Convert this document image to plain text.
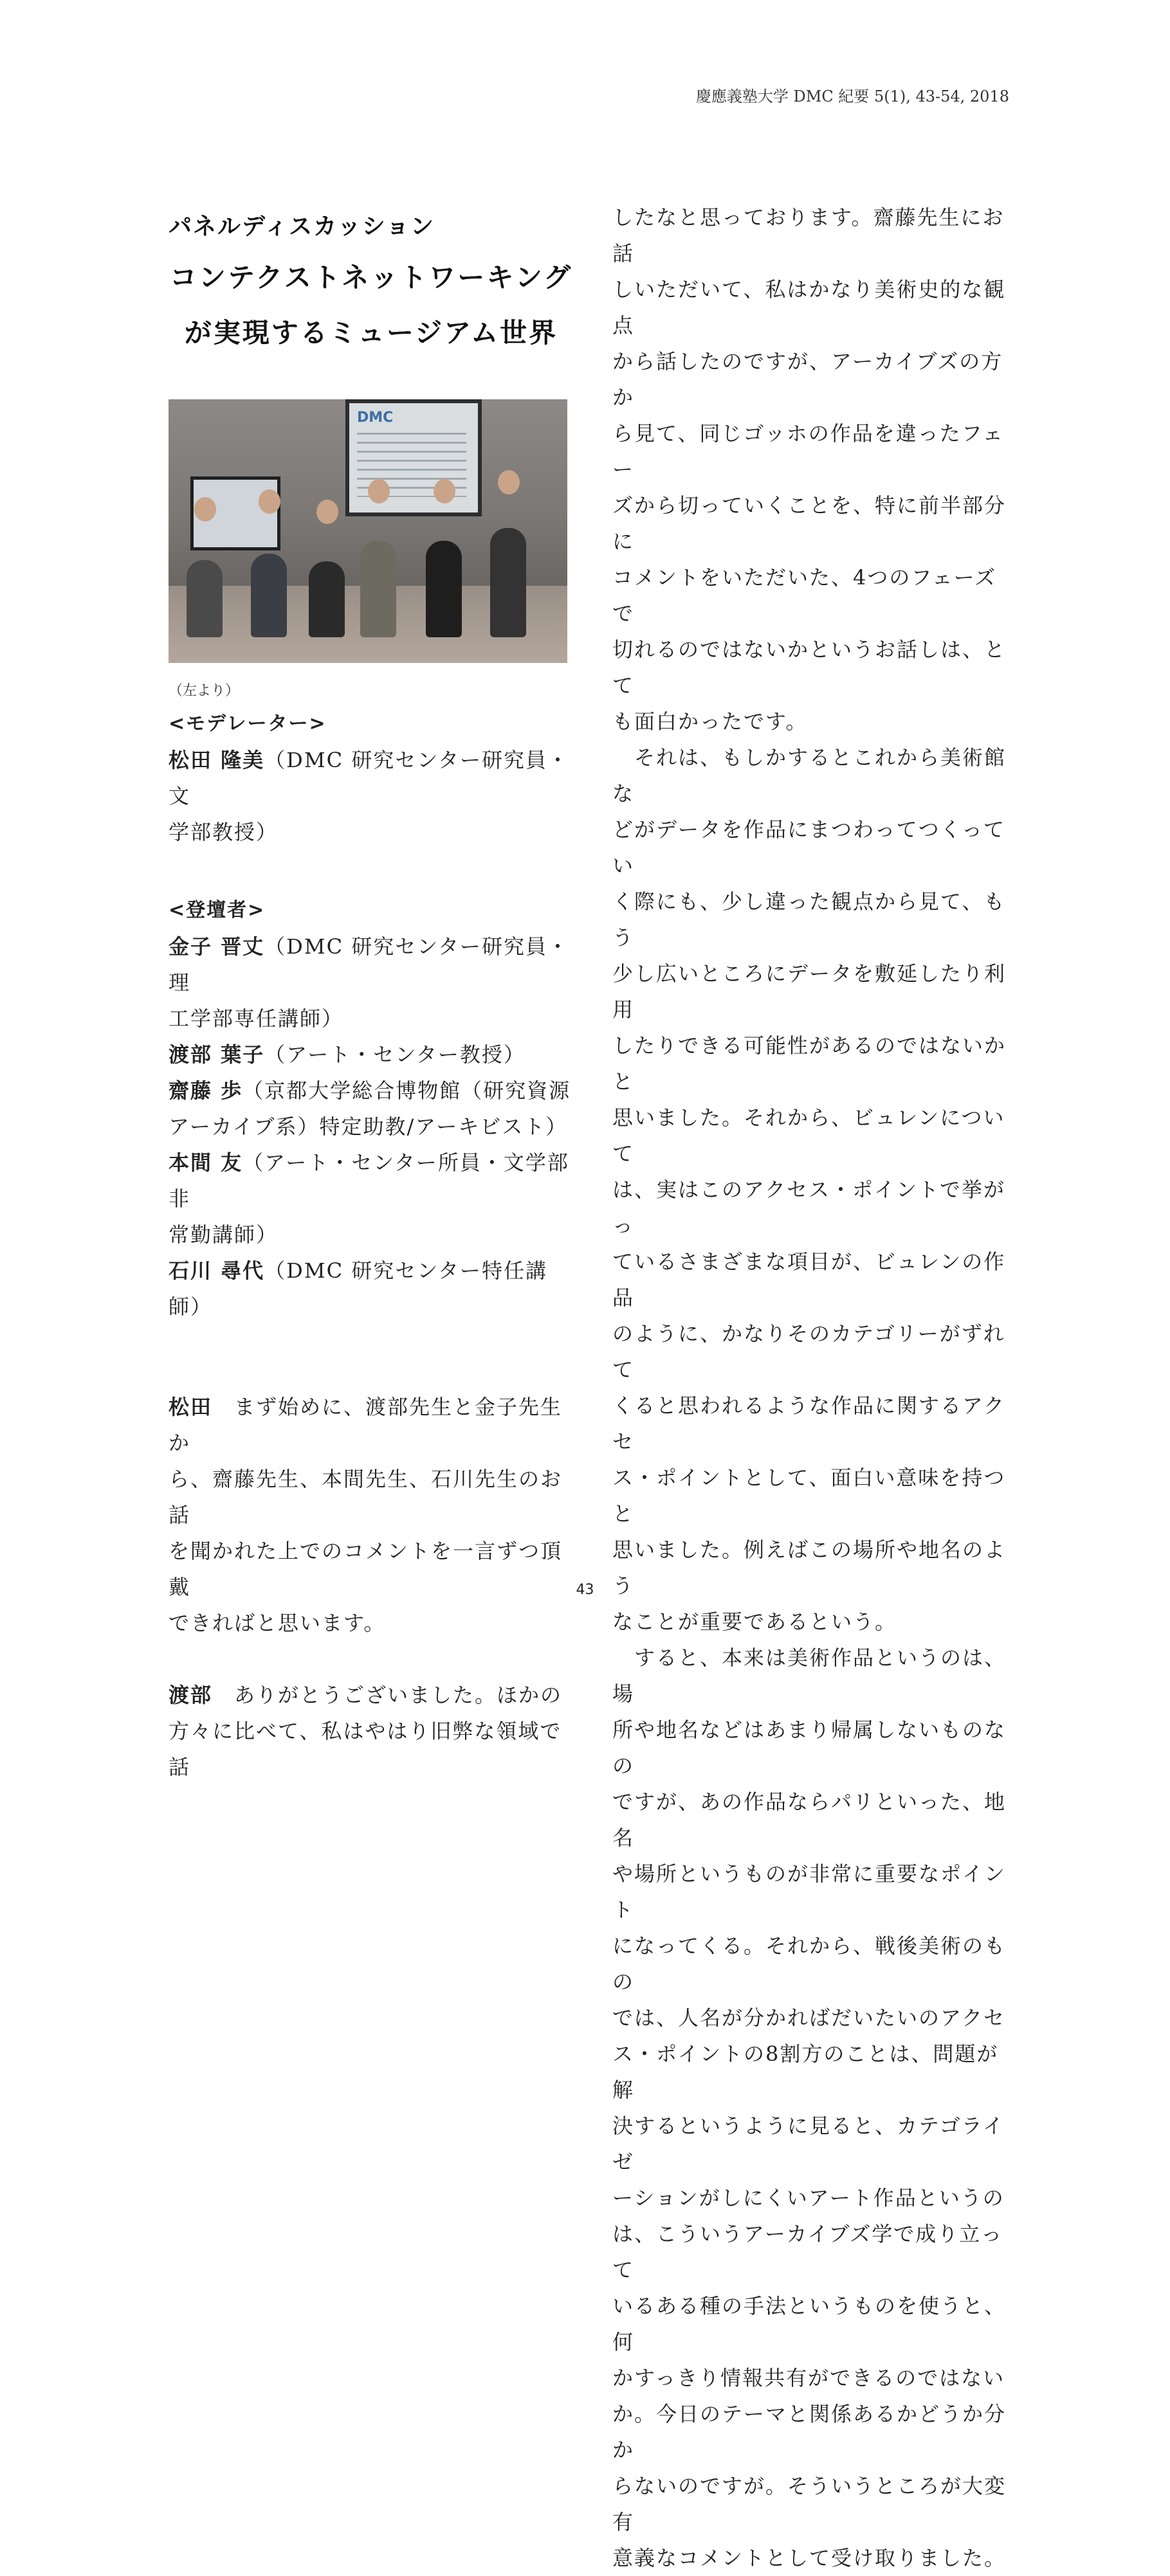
慶應義塾大学 DMC 紀要 5(1), 43-54, 2018
パネルディスカッション
コンテクストネットワーキング
が実現するミュージアム世界
DMC
（左より）
<モデレーター>
松田 隆美（DMC 研究センター研究員・文
学部教授）
<登壇者>
金子 晋丈（DMC 研究センター研究員・理
工学部専任講師）
渡部 葉子（アート・センター教授）
齋藤 歩（京都大学総合博物館（研究資源
アーカイブ系）特定助教/アーキビスト）
本間 友（アート・センター所員・文学部非
常勤講師）
石川 尋代（DMC 研究センター特任講師）
松田　 まず始めに、渡部先生と金子先生か
ら、齋藤先生、本間先生、石川先生のお話
を聞かれた上でのコメントを一言ずつ頂戴
できればと思います。
渡部　 ありがとうございました。ほかの
方々に比べて、私はやはり旧弊な領域で話
したなと思っております。齋藤先生にお話
しいただいて、私はかなり美術史的な観点
から話したのですが、アーカイブズの方か
ら見て、同じゴッホの作品を違ったフェー
ズから切っていくことを、特に前半部分に
コメントをいただいた、4つのフェーズで
切れるのではないかというお話しは、とて
も面白かったです。
　それは、もしかするとこれから美術館な
どがデータを作品にまつわってつくってい
く際にも、少し違った観点から見て、もう
少し広いところにデータを敷延したり利用
したりできる可能性があるのではないかと
思いました。それから、ビュレンについて
は、実はこのアクセス・ポイントで挙がっ
ているさまざまな項目が、ビュレンの作品
のように、かなりそのカテゴリーがずれて
くると思われるような作品に関するアクセ
ス・ポイントとして、面白い意味を持つと
思いました。例えばこの場所や地名のよう
なことが重要であるという。
　すると、本来は美術作品というのは、場
所や地名などはあまり帰属しないものなの
ですが、あの作品ならパリといった、地名
や場所というものが非常に重要なポイント
になってくる。それから、戦後美術のもの
では、人名が分かればだいたいのアクセ
ス・ポイントの8割方のことは、問題が解
決するというように見ると、カテゴライゼ
ーションがしにくいアート作品というの
は、こういうアーカイブズ学で成り立って
いるある種の手法というものを使うと、何
かすっきり情報共有ができるのではない
か。今日のテーマと関係あるかどうか分か
らないのですが。そういうところが大変有
意義なコメントとして受け取りました。
43
